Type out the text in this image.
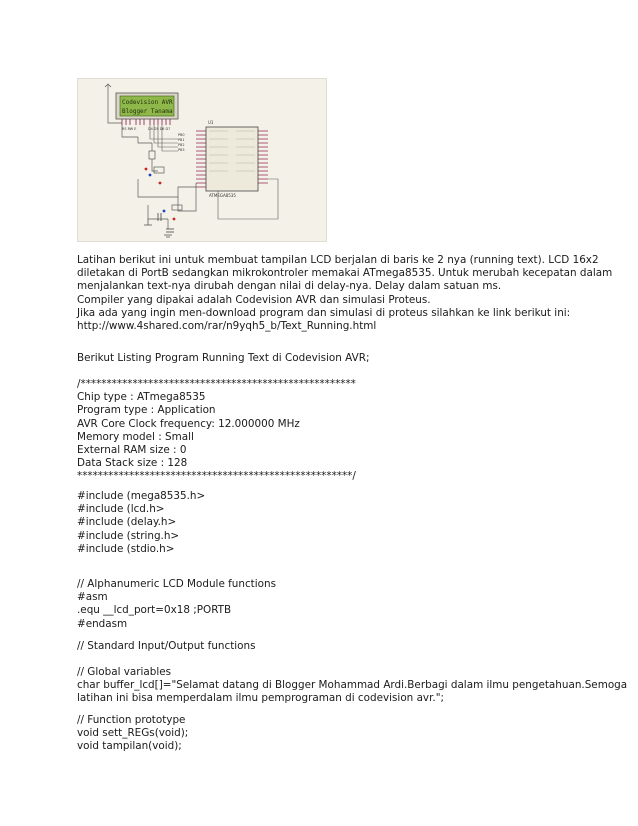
Codevision AVR
Blogger Tanama
RS RW E	D4 D5 D6 D7
PB0
PB1
PB2
PB3
U1
ATMEGA8535
Latihan berikut ini untuk membuat tampilan LCD berjalan di baris ke 2 nya (running text). LCD 16x2
diletakan di PortB sedangkan mikrokontroler memakai ATmega8535. Untuk merubah kecepatan dalam
menjalankan text-nya dirubah dengan nilai di delay-nya. Delay dalam satuan ms.
Compiler yang dipakai adalah Codevision AVR dan simulasi Proteus.
Jika ada yang ingin men-download program dan simulasi di proteus silahkan ke link berikut ini:
http://www.4shared.com/rar/n9yqh5_b/Text_Running.html
Berikut Listing Program Running Text di Codevision AVR;
/*****************************************************
Chip type : ATmega8535
Program type : Application
AVR Core Clock frequency: 12.000000 MHz
Memory model : Small
External RAM size : 0
Data Stack size : 128
*****************************************************/
#include (mega8535.h>
#include (lcd.h>
#include (delay.h>
#include (string.h>
#include (stdio.h>
// Alphanumeric LCD Module functions
#asm
.equ __lcd_port=0x18 ;PORTB
#endasm
// Standard Input/Output functions
// Global variables
char buffer_lcd[]="Selamat datang di Blogger Mohammad Ardi.Berbagi dalam ilmu pengetahuan.Semoga
latihan ini bisa memperdalam ilmu pemprograman di codevision avr.";
// Function prototype
void sett_REGs(void);
void tampilan(void);
